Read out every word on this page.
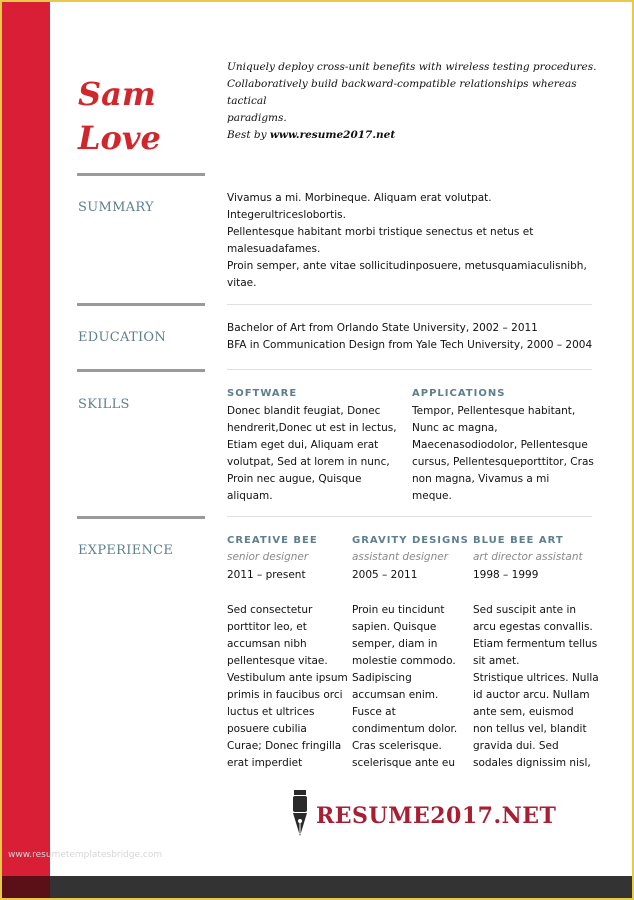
Sam
Love
Uniquely deploy cross-unit benefits with wireless testing procedures.
Collaboratively build backward-compatible relationships whereas tactical
paradigms.
Best by www.resume2017.net
SUMMARY
EDUCATION
SKILLS
EXPERIENCE
Vivamus a mi. Morbineque. Aliquam erat volutpat.
Integerultriceslobortis.
Pellentesque habitant morbi tristique senectus et netus et
malesuadafames.
Proin semper, ante vitae sollicitudinposuere, metusquamiaculisnibh,
vitae.
Bachelor of Art from Orlando State University, 2002 – 2011
BFA in Communication Design from Yale Tech University, 2000 – 2004
SOFTWARE	APPLICATIONS
Donec blandit feugiat, Donec
hendrerit,Donec ut est in lectus,
Etiam eget dui, Aliquam erat
volutpat, Sed at lorem in nunc,
Proin nec augue, Quisque
aliquam.
Tempor, Pellentesque habitant,
Nunc ac magna,
Maecenasodiodolor, Pellentesque
cursus, Pellentesqueporttitor, Cras
non magna, Vivamus a mi
meque.
CREATIVE BEE
senior designer
2011 – present
Sed consectetur
porttitor leo, et
accumsan nibh
pellentesque vitae.
Vestibulum ante ipsum
primis in faucibus orci
luctus et ultrices
posuere cubilia
Curae; Donec fringilla
erat imperdiet
GRAVITY DESIGNS
assistant designer
2005 – 2011
Proin eu tincidunt
sapien. Quisque
semper, diam in
molestie commodo.
Sadipiscing
accumsan enim.
Fusce at
condimentum dolor.
Cras scelerisque.
scelerisque ante eu
BLUE BEE ART
art director assistant
1998 – 1999
Sed suscipit ante in
arcu egestas convallis.
Etiam fermentum tellus
sit amet.
Stristique ultrices. Nulla
id auctor arcu. Nullam
ante sem, euismod
non tellus vel, blandit
gravida dui. Sed
sodales dignissim nisl,
RESUME2017.NET
www.resumetemplatesbridge.com
